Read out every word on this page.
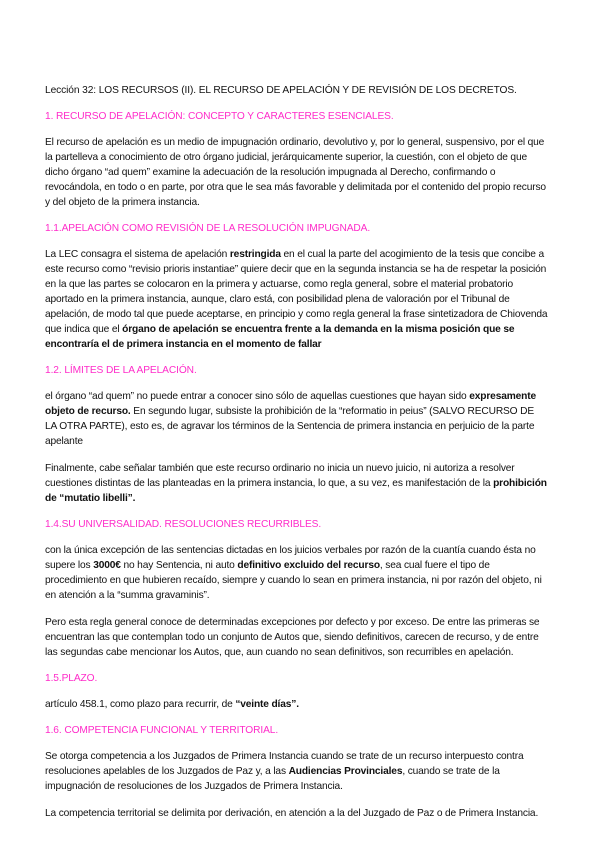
Lección 32: LOS RECURSOS (II). EL RECURSO DE APELACIÓN Y DE REVISIÓN DE LOS DECRETOS.
1. RECURSO DE APELACIÓN: CONCEPTO Y CARACTERES ESENCIALES.
El recurso de apelación es un medio de impugnación ordinario, devolutivo y, por lo general, suspensivo, por el que la partelleva a conocimiento de otro órgano judicial, jerárquicamente superior, la cuestión, con el objeto de que dicho órgano “ad quem” examine la adecuación de la resolución impugnada al Derecho, confirmando o revocándola, en todo o en parte, por otra que le sea más favorable y delimitada por el contenido del propio recurso y del objeto de la primera instancia.
1.1.APELACIÓN COMO REVISIÓN DE LA RESOLUCIÓN IMPUGNADA.
La LEC consagra el sistema de apelación restringida en el cual la parte del acogimiento de la tesis que concibe a este recurso como “revisio prioris instantiae” quiere decir que en la segunda instancia se ha de respetar la posición en la que las partes se colocaron en la primera y actuarse, como regla general, sobre el material probatorio aportado en la primera instancia, aunque, claro está, con posibilidad plena de valoración por el Tribunal de apelación, de modo tal que puede aceptarse, en principio y como regla general la frase sintetizadora de Chiovenda que indica que el órgano de apelación se encuentra frente a la demanda en la misma posición que se encontraría el de primera instancia en el momento de fallar
1.2. LÍMITES DE LA APELACIÓN.
el órgano “ad quem” no puede entrar a conocer sino sólo de aquellas cuestiones que hayan sido expresamente objeto de recurso. En segundo lugar, subsiste la prohibición de la “reformatio in peius” (SALVO RECURSO DE LA OTRA PARTE), esto es, de agravar los términos de la Sentencia de primera instancia en perjuicio de la parte apelante
Finalmente, cabe señalar también que este recurso ordinario no inicia un nuevo juicio, ni autoriza a resolver cuestiones distintas de las planteadas en la primera instancia, lo que, a su vez, es manifestación de la prohibición de “mutatio libelli”.
1.4.SU UNIVERSALIDAD. RESOLUCIONES RECURRIBLES.
con la única excepción de las sentencias dictadas en los juicios verbales por razón de la cuantía cuando ésta no supere los 3000€ no hay Sentencia, ni auto definitivo excluido del recurso, sea cual fuere el tipo de procedimiento en que hubieren recaído, siempre y cuando lo sean en primera instancia, ni por razón del objeto, ni en atención a la “summa gravaminis”.
Pero esta regla general conoce de determinadas excepciones por defecto y por exceso. De entre las primeras se encuentran las que contemplan todo un conjunto de Autos que, siendo definitivos, carecen de recurso, y de entre las segundas cabe mencionar los Autos, que, aun cuando no sean definitivos, son recurribles en apelación.
1.5.PLAZO.
artículo 458.1, como plazo para recurrir, de “veinte días”.
1.6. COMPETENCIA FUNCIONAL Y TERRITORIAL.
Se otorga competencia a los Juzgados de Primera Instancia cuando se trate de un recurso interpuesto contra resoluciones apelables de los Juzgados de Paz y, a las Audiencias Provinciales, cuando se trate de la impugnación de resoluciones de los Juzgados de Primera Instancia.
La competencia territorial se delimita por derivación, en atención a la del Juzgado de Paz o de Primera Instancia.
